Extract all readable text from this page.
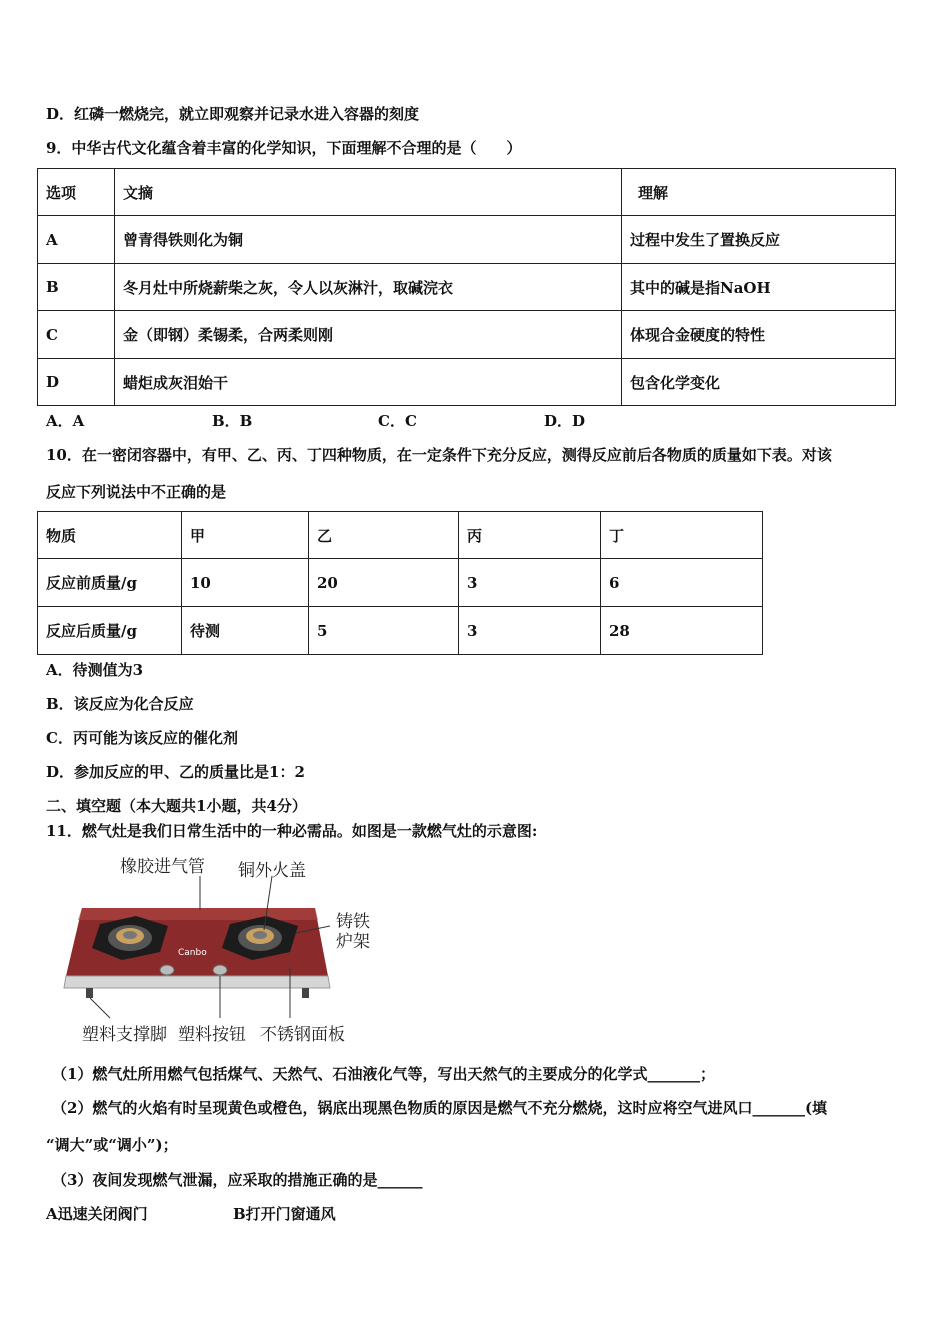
D．红磷一燃烧完，就立即观察并记录水进入容器的刻度
9．中华古代文化蕴含着丰富的化学知识，下面理解不合理的是（　　）
选项	文摘	理解
A	曾青得铁则化为铜	过程中发生了置换反应
B	冬月灶中所烧薪柴之灰，令人以灰淋汁，取碱浣衣	其中的碱是指NaOH
C	金（即钢）柔锡柔，合两柔则刚	体现合金硬度的特性
D	蜡炬成灰泪始干	包含化学变化
A．A	B．B	C．C	D．D
10．在一密闭容器中，有甲、乙、丙、丁四种物质，在一定条件下充分反应，测得反应前后各物质的质量如下表。对该
反应下列说法中不正确的是
物质	甲	乙	丙	丁
反应前质量/g	10	20	3	6
反应后质量/g	待测	5	3	28
A．待测值为3
B．该反应为化合反应
C．丙可能为该反应的催化剂
D．参加反应的甲、乙的质量比是1：2
二、填空题（本大题共1小题，共4分）
11．燃气灶是我们日常生活中的一种必需品。如图是一款燃气灶的示意图:
橡胶进气管 铜外火盖
铸铁
炉架
Canbo
塑料支撑脚 塑料按钮 不锈钢面板
（1）燃气灶所用燃气包括煤气、天然气、石油液化气等，写出天然气的主要成分的化学式_______；
（2）燃气的火焰有时呈现黄色或橙色，锅底出现黑色物质的原因是燃气不充分燃烧，这时应将空气进风口_______(填
“调大”或“调小”)；
（3）夜间发现燃气泄漏，应采取的措施正确的是______
A迅速关闭阀门	B打开门窗通风
